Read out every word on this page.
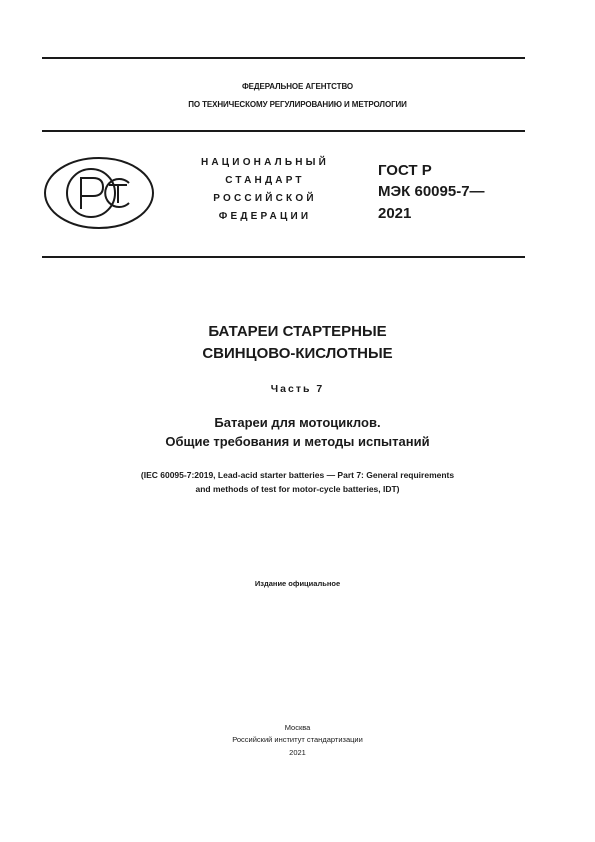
ФЕДЕРАЛЬНОЕ АГЕНТСТВО
ПО ТЕХНИЧЕСКОМУ РЕГУЛИРОВАНИЮ И МЕТРОЛОГИИ
НАЦИОНАЛЬНЫЙ
СТАНДАРТ
РОССИЙСКОЙ
ФЕДЕРАЦИИ
ГОСТ Р
МЭК 60095-7—
2021
БАТАРЕИ СТАРТЕРНЫЕ
СВИНЦОВО-КИСЛОТНЫЕ
Часть 7
Батареи для мотоциклов.
Общие требования и методы испытаний
(IEC 60095-7:2019, Lead-acid starter batteries — Part 7: General requirements
and methods of test for motor-cycle batteries, IDT)
Издание официальное
Москва
Российский институт стандартизации
2021
